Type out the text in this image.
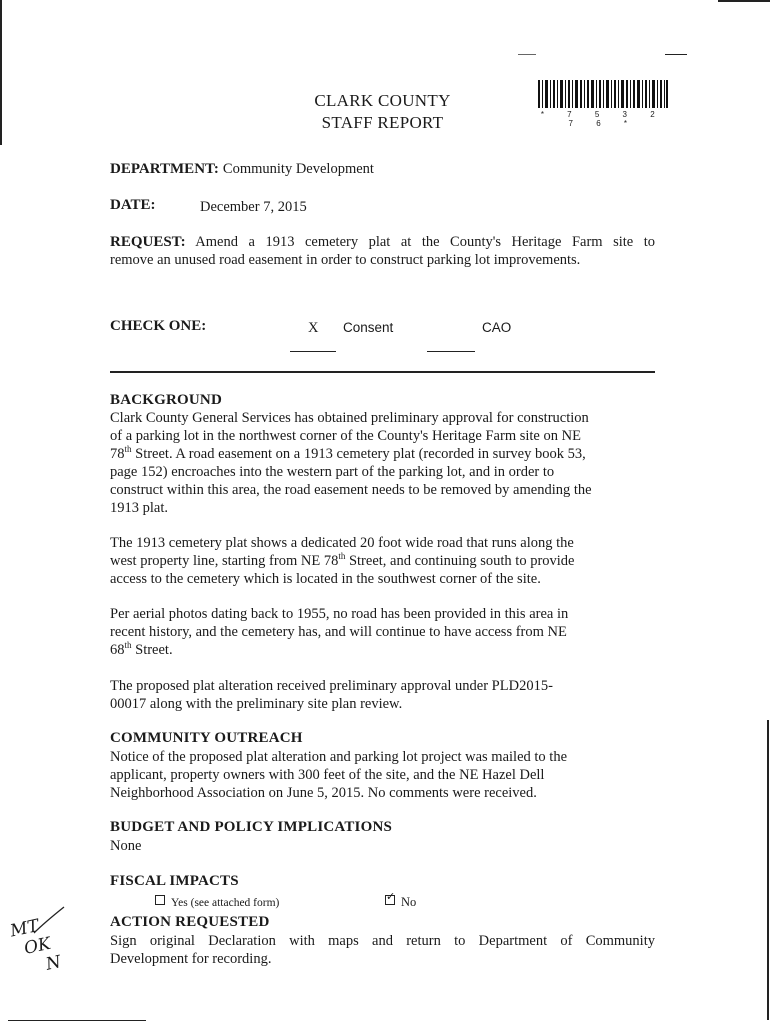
CLARK COUNTY
STAFF REPORT	* 7 5 3 2 7 6 *
DEPARTMENT: Community Development
DATE:	December 7, 2015
REQUEST: Amend a 1913 cemetery plat at the County's Heritage Farm site to
remove an unused road easement in order to construct parking lot improvements.
CHECK ONE:	X Consent	CAO
BACKGROUND
Clark County General Services has obtained preliminary approval for construction
of a parking lot in the northwest corner of the County's Heritage Farm site on NE
78th Street. A road easement on a 1913 cemetery plat (recorded in survey book 53,
page 152) encroaches into the western part of the parking lot, and in order to
construct within this area, the road easement needs to be removed by amending the
1913 plat.
The 1913 cemetery plat shows a dedicated 20 foot wide road that runs along the
west property line, starting from NE 78th Street, and continuing south to provide
access to the cemetery which is located in the southwest corner of the site.
Per aerial photos dating back to 1955, no road has been provided in this area in
recent history, and the cemetery has, and will continue to have access from NE
68th Street.
The proposed plat alteration received preliminary approval under PLD2015-
00017 along with the preliminary site plan review.
COMMUNITY OUTREACH
Notice of the proposed plat alteration and parking lot project was mailed to the
applicant, property owners with 300 feet of the site, and the NE Hazel Dell
Neighborhood Association on June 5, 2015. No comments were received.
BUDGET AND POLICY IMPLICATIONS
None
FISCAL IMPACTS
Yes (see attached form)
✓	No
ACTION REQUESTED
Sign original Declaration with maps and return to Department of Community
Development for recording.
MT
OK
N
